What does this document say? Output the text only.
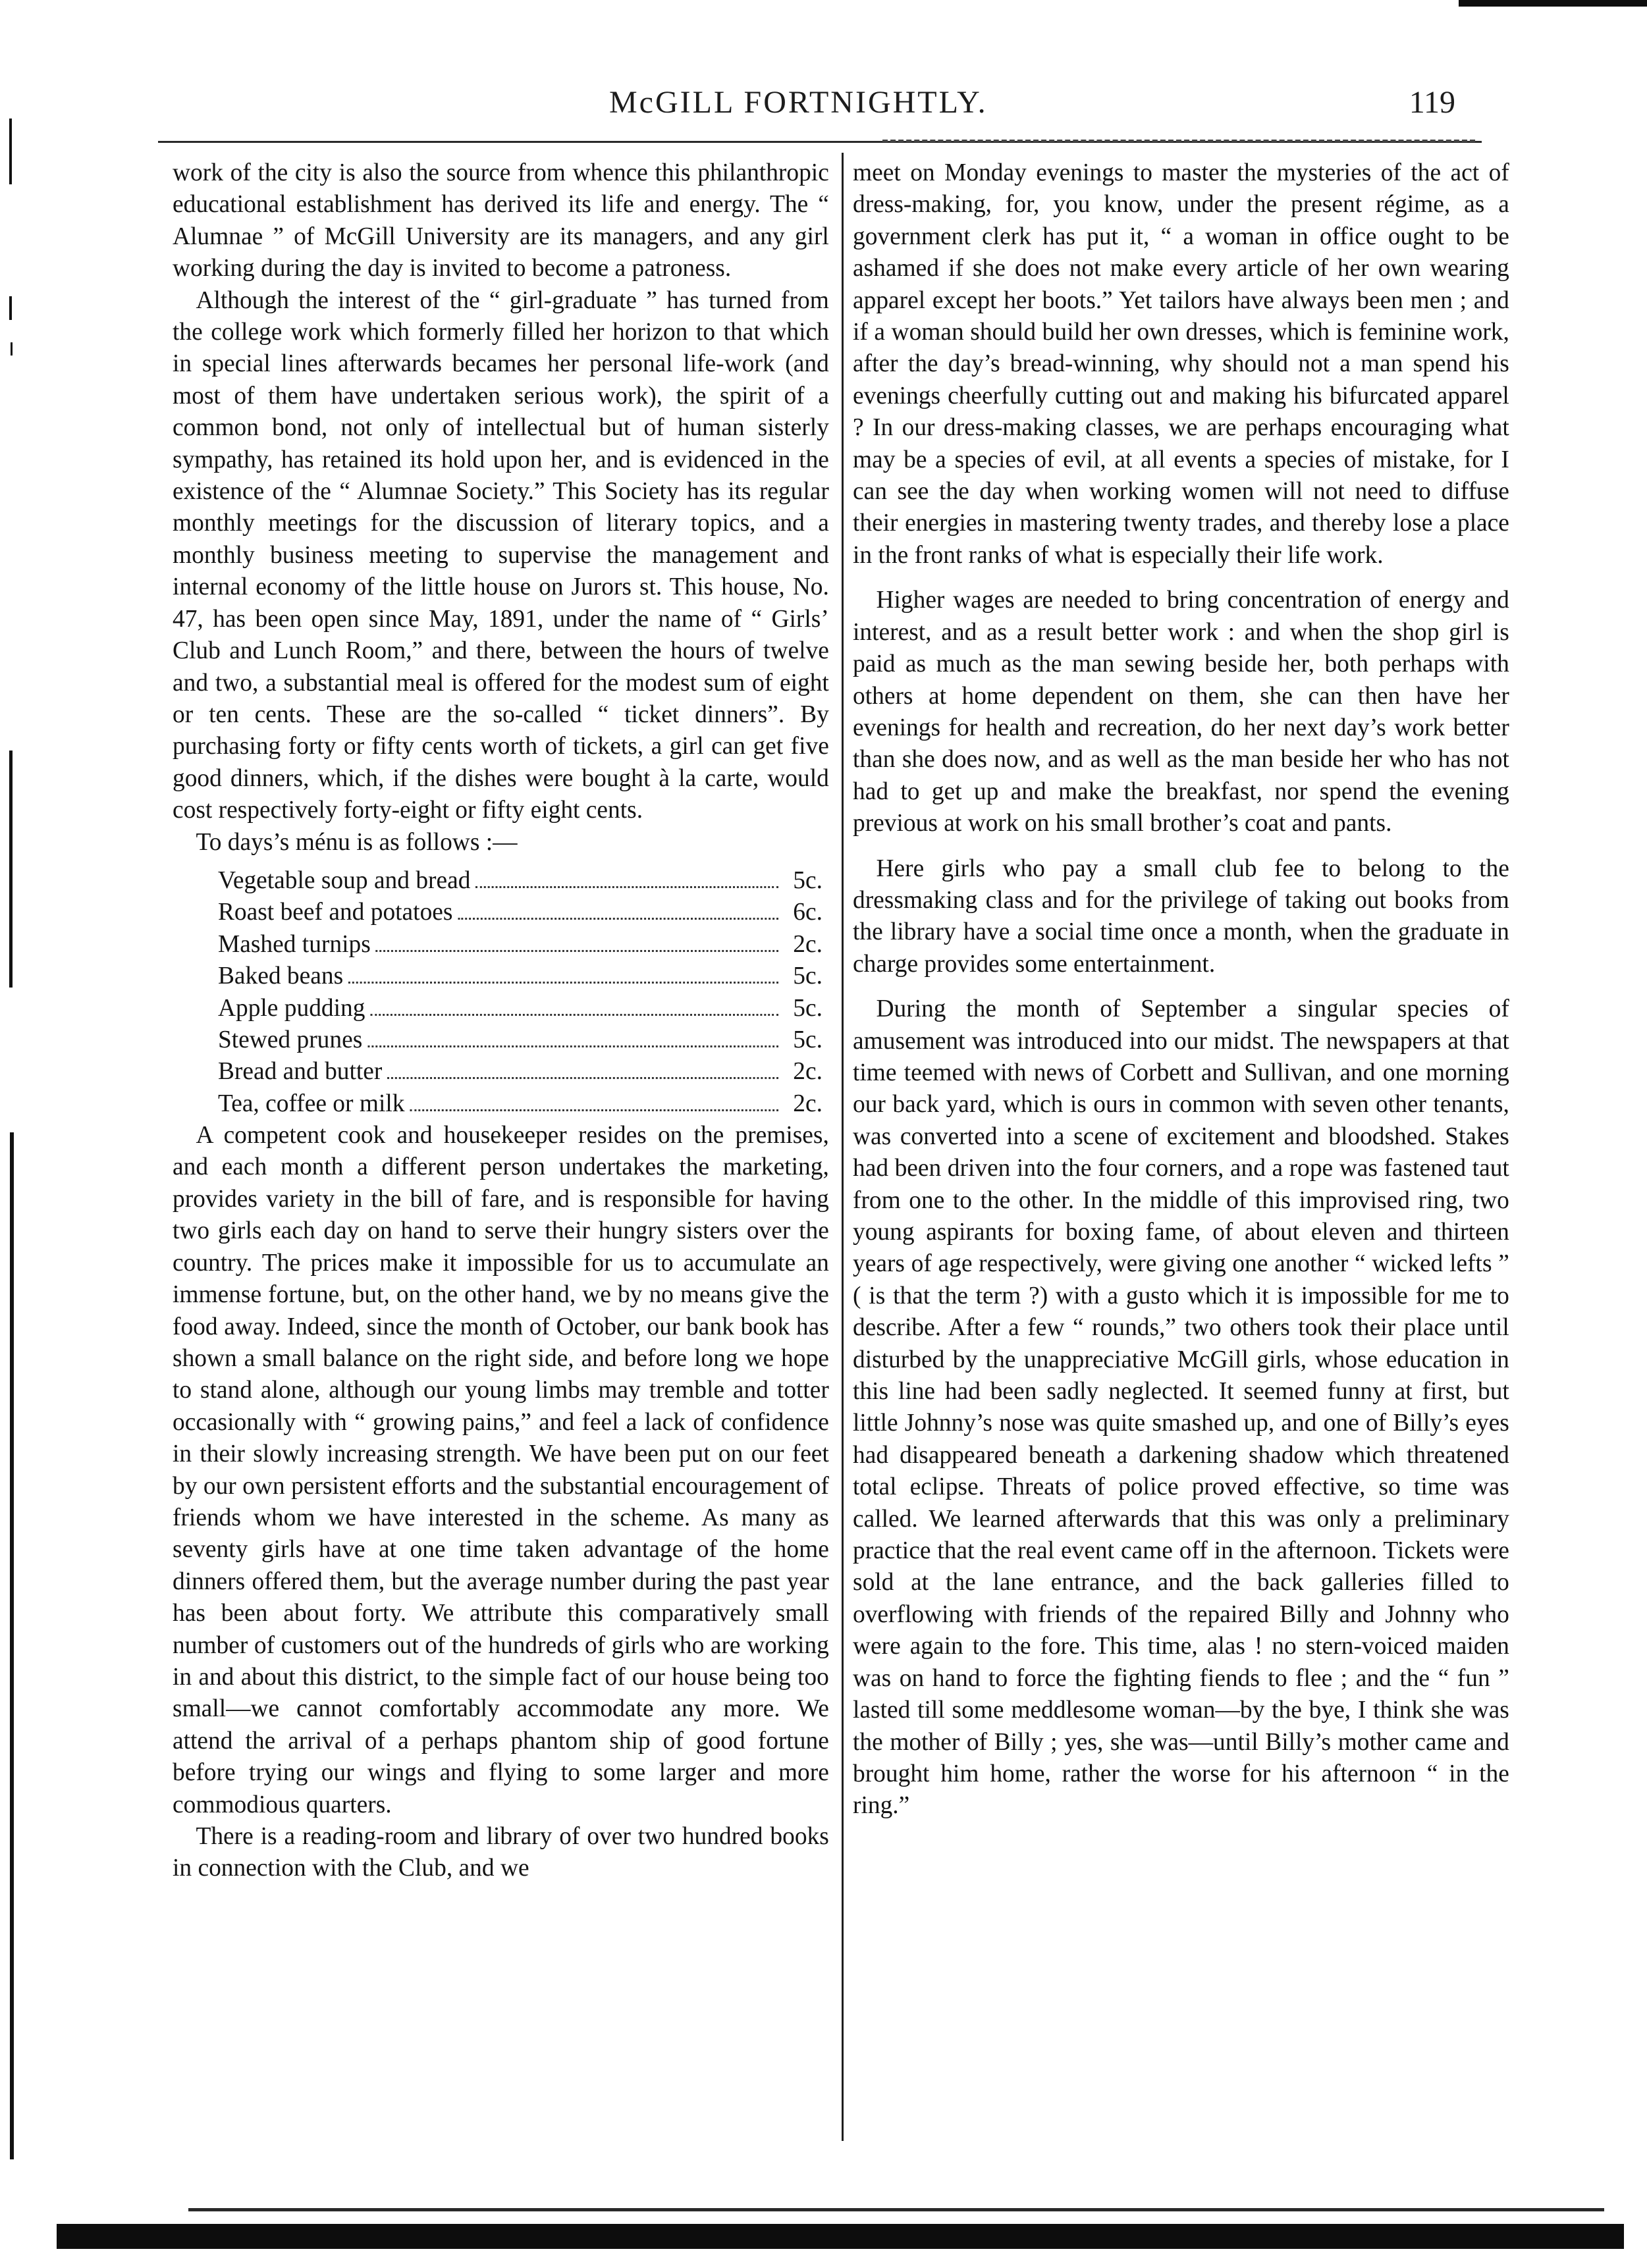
McGILL FORTNIGHTLY.	119

work of the city is also the source from whence this philanthropic educational establishment has derived its life and energy. The “ Alumnae ” of McGill University are its managers, and any girl working during the day is invited to become a patroness.

Although the interest of the “ girl-graduate ” has turned from the college work which formerly filled her horizon to that which in special lines afterwards becames her personal life-work (and most of them have undertaken serious work), the spirit of a common bond, not only of intellectual but of human sisterly sympathy, has retained its hold upon her, and is evidenced in the existence of the “ Alumnae Society.” This Society has its regular monthly meetings for the discussion of literary topics, and a monthly business meeting to supervise the management and internal economy of the little house on Jurors st. This house, No. 47, has been open since May, 1891, under the name of “ Girls’ Club and Lunch Room,” and there, between the hours of twelve and two, a substantial meal is offered for the modest sum of eight or ten cents. These are the so-called “ ticket dinners”. By purchasing forty or fifty cents worth of tickets, a girl can get five good dinners, which, if the dishes were bought à la carte, would cost respectively forty-eight or fifty eight cents.

To days’s ménu is as follows :—

Vegetable soup and bread	5c.
Roast beef and potatoes	6c.
Mashed turnips	2c.
Baked beans	5c.
Apple pudding	5c.
Stewed prunes	5c.
Bread and butter	2c.
Tea, coffee or milk	2c.

A competent cook and housekeeper resides on the premises, and each month a different person undertakes the marketing, provides variety in the bill of fare, and is responsible for having two girls each day on hand to serve their hungry sisters over the country. The prices make it impossible for us to accumulate an immense fortune, but, on the other hand, we by no means give the food away. Indeed, since the month of October, our bank book has shown a small balance on the right side, and before long we hope to stand alone, although our young limbs may tremble and totter occasionally with “ growing pains,” and feel a lack of confidence in their slowly increasing strength. We have been put on our feet by our own persistent efforts and the substantial encouragement of friends whom we have interested in the scheme. As many as seventy girls have at one time taken advantage of the home dinners offered them, but the average number during the past year has been about forty. We attribute this comparatively small number of customers out of the hundreds of girls who are working in and about this district, to the simple fact of our house being too small—we cannot comfortably accommodate any more. We attend the arrival of a perhaps phantom ship of good fortune before trying our wings and flying to some larger and more commodious quarters.

There is a reading-room and library of over two hundred books in connection with the Club, and we

meet on Monday evenings to master the mysteries of the act of dress-making, for, you know, under the present régime, as a government clerk has put it, “ a woman in office ought to be ashamed if she does not make every article of her own wearing apparel except her boots.” Yet tailors have always been men ; and if a woman should build her own dresses, which is feminine work, after the day’s bread-winning, why should not a man spend his evenings cheerfully cutting out and making his bifurcated apparel ? In our dress-making classes, we are perhaps encouraging what may be a species of evil, at all events a species of mistake, for I can see the day when working women will not need to diffuse their energies in mastering twenty trades, and thereby lose a place in the front ranks of what is especially their life work.

Higher wages are needed to bring concentration of energy and interest, and as a result better work : and when the shop girl is paid as much as the man sewing beside her, both perhaps with others at home dependent on them, she can then have her evenings for health and recreation, do her next day’s work better than she does now, and as well as the man beside her who has not had to get up and make the breakfast, nor spend the evening previous at work on his small brother’s coat and pants.

Here girls who pay a small club fee to belong to the dressmaking class and for the privilege of taking out books from the library have a social time once a month, when the graduate in charge provides some entertainment.

During the month of September a singular species of amusement was introduced into our midst. The newspapers at that time teemed with news of Corbett and Sullivan, and one morning our back yard, which is ours in common with seven other tenants, was converted into a scene of excitement and bloodshed. Stakes had been driven into the four corners, and a rope was fastened taut from one to the other. In the middle of this improvised ring, two young aspirants for boxing fame, of about eleven and thirteen years of age respectively, were giving one another “ wicked lefts ” ( is that the term ?) with a gusto which it is impossible for me to describe. After a few “ rounds,” two others took their place until disturbed by the unappreciative McGill girls, whose education in this line had been sadly neglected. It seemed funny at first, but little Johnny’s nose was quite smashed up, and one of Billy’s eyes had disappeared beneath a darkening shadow which threatened total eclipse. Threats of police proved effective, so time was called. We learned afterwards that this was only a preliminary practice that the real event came off in the afternoon. Tickets were sold at the lane entrance, and the back galleries filled to overflowing with friends of the repaired Billy and Johnny who were again to the fore. This time, alas ! no stern-voiced maiden was on hand to force the fighting fiends to flee ; and the “ fun ” lasted till some meddlesome woman—by the bye, I think she was the mother of Billy ; yes, she was—until Billy’s mother came and brought him home, rather the worse for his afternoon “ in the ring.”
